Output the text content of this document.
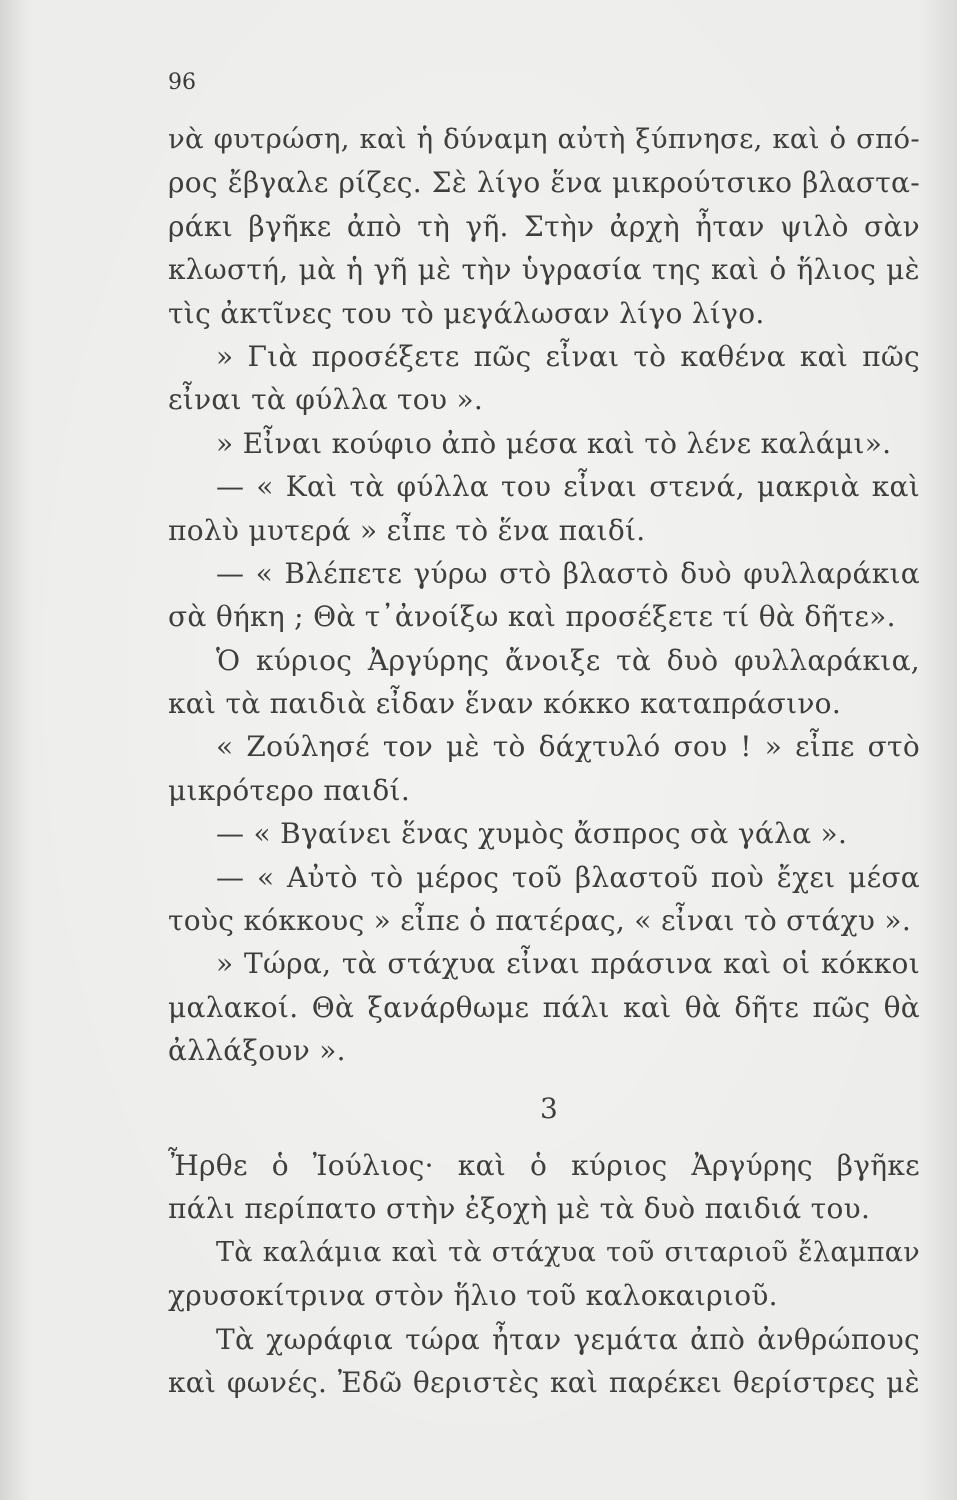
96
νὰ φυτρώση, καὶ ἡ δύναμη αὐτὴ ξύπνησε, καὶ ὁ σπό-
ρος ἔβγαλε ρίζες. Σὲ λίγο ἕνα μικρούτσικο βλαστα-
ράκι βγῆκε ἀπὸ τὴ γῆ. Στὴν ἀρχὴ ἦταν ψιλὸ σὰν
κλωστή, μὰ ἡ γῆ μὲ τὴν ὑγρασία της καὶ ὁ ἥλιος μὲ
τὶς ἀκτῖνες του τὸ μεγάλωσαν λίγο λίγο.
» Γιὰ προσέξετε πῶς εἶναι τὸ καθένα καὶ πῶς
εἶναι τὰ φύλλα του ».
» Εἶναι κούφιο ἀπὸ μέσα καὶ τὸ λένε καλάμι».
— « Καὶ τὰ φύλλα του εἶναι στενά, μακριὰ καὶ
πολὺ μυτερά » εἶπε τὸ ἕνα παιδί.
— « Βλέπετε γύρω στὸ βλαστὸ δυὸ φυλλαράκια
σὰ θήκη ; Θὰ τ᾽ἀνοίξω καὶ προσέξετε τί θὰ δῆτε».
Ὁ κύριος Ἀργύρης ἄνοιξε τὰ δυὸ φυλλαράκια,
καὶ τὰ παιδιὰ εἶδαν ἕναν κόκκο καταπράσινο.
« Ζούλησέ τον μὲ τὸ δάχτυλό σου ! » εἶπε στὸ
μικρότερο παιδί.
— « Βγαίνει ἕνας χυμὸς ἄσπρος σὰ γάλα ».
— « Αὐτὸ τὸ μέρος τοῦ βλαστοῦ ποὺ ἔχει μέσα
τοὺς κόκκους » εἶπε ὁ πατέρας, « εἶναι τὸ στάχυ ».
» Τώρα, τὰ στάχυα εἶναι πράσινα καὶ οἱ κόκκοι
μαλακοί. Θὰ ξανάρθωμε πάλι καὶ θὰ δῆτε πῶς θὰ
ἀλλάξουν ».
3
Ἦρθε ὁ Ἰούλιος· καὶ ὁ κύριος Ἀργύρης βγῆκε
πάλι περίπατο στὴν ἐξοχὴ μὲ τὰ δυὸ παιδιά του.
Τὰ καλάμια καὶ τὰ στάχυα τοῦ σιταριοῦ ἔλαμπαν
χρυσοκίτρινα στὸν ἥλιο τοῦ καλοκαιριοῦ.
Τὰ χωράφια τώρα ἦταν γεμάτα ἀπὸ ἀνθρώπους
καὶ φωνές. Ἐδῶ θεριστὲς καὶ παρέκει θερίστρες μὲ
